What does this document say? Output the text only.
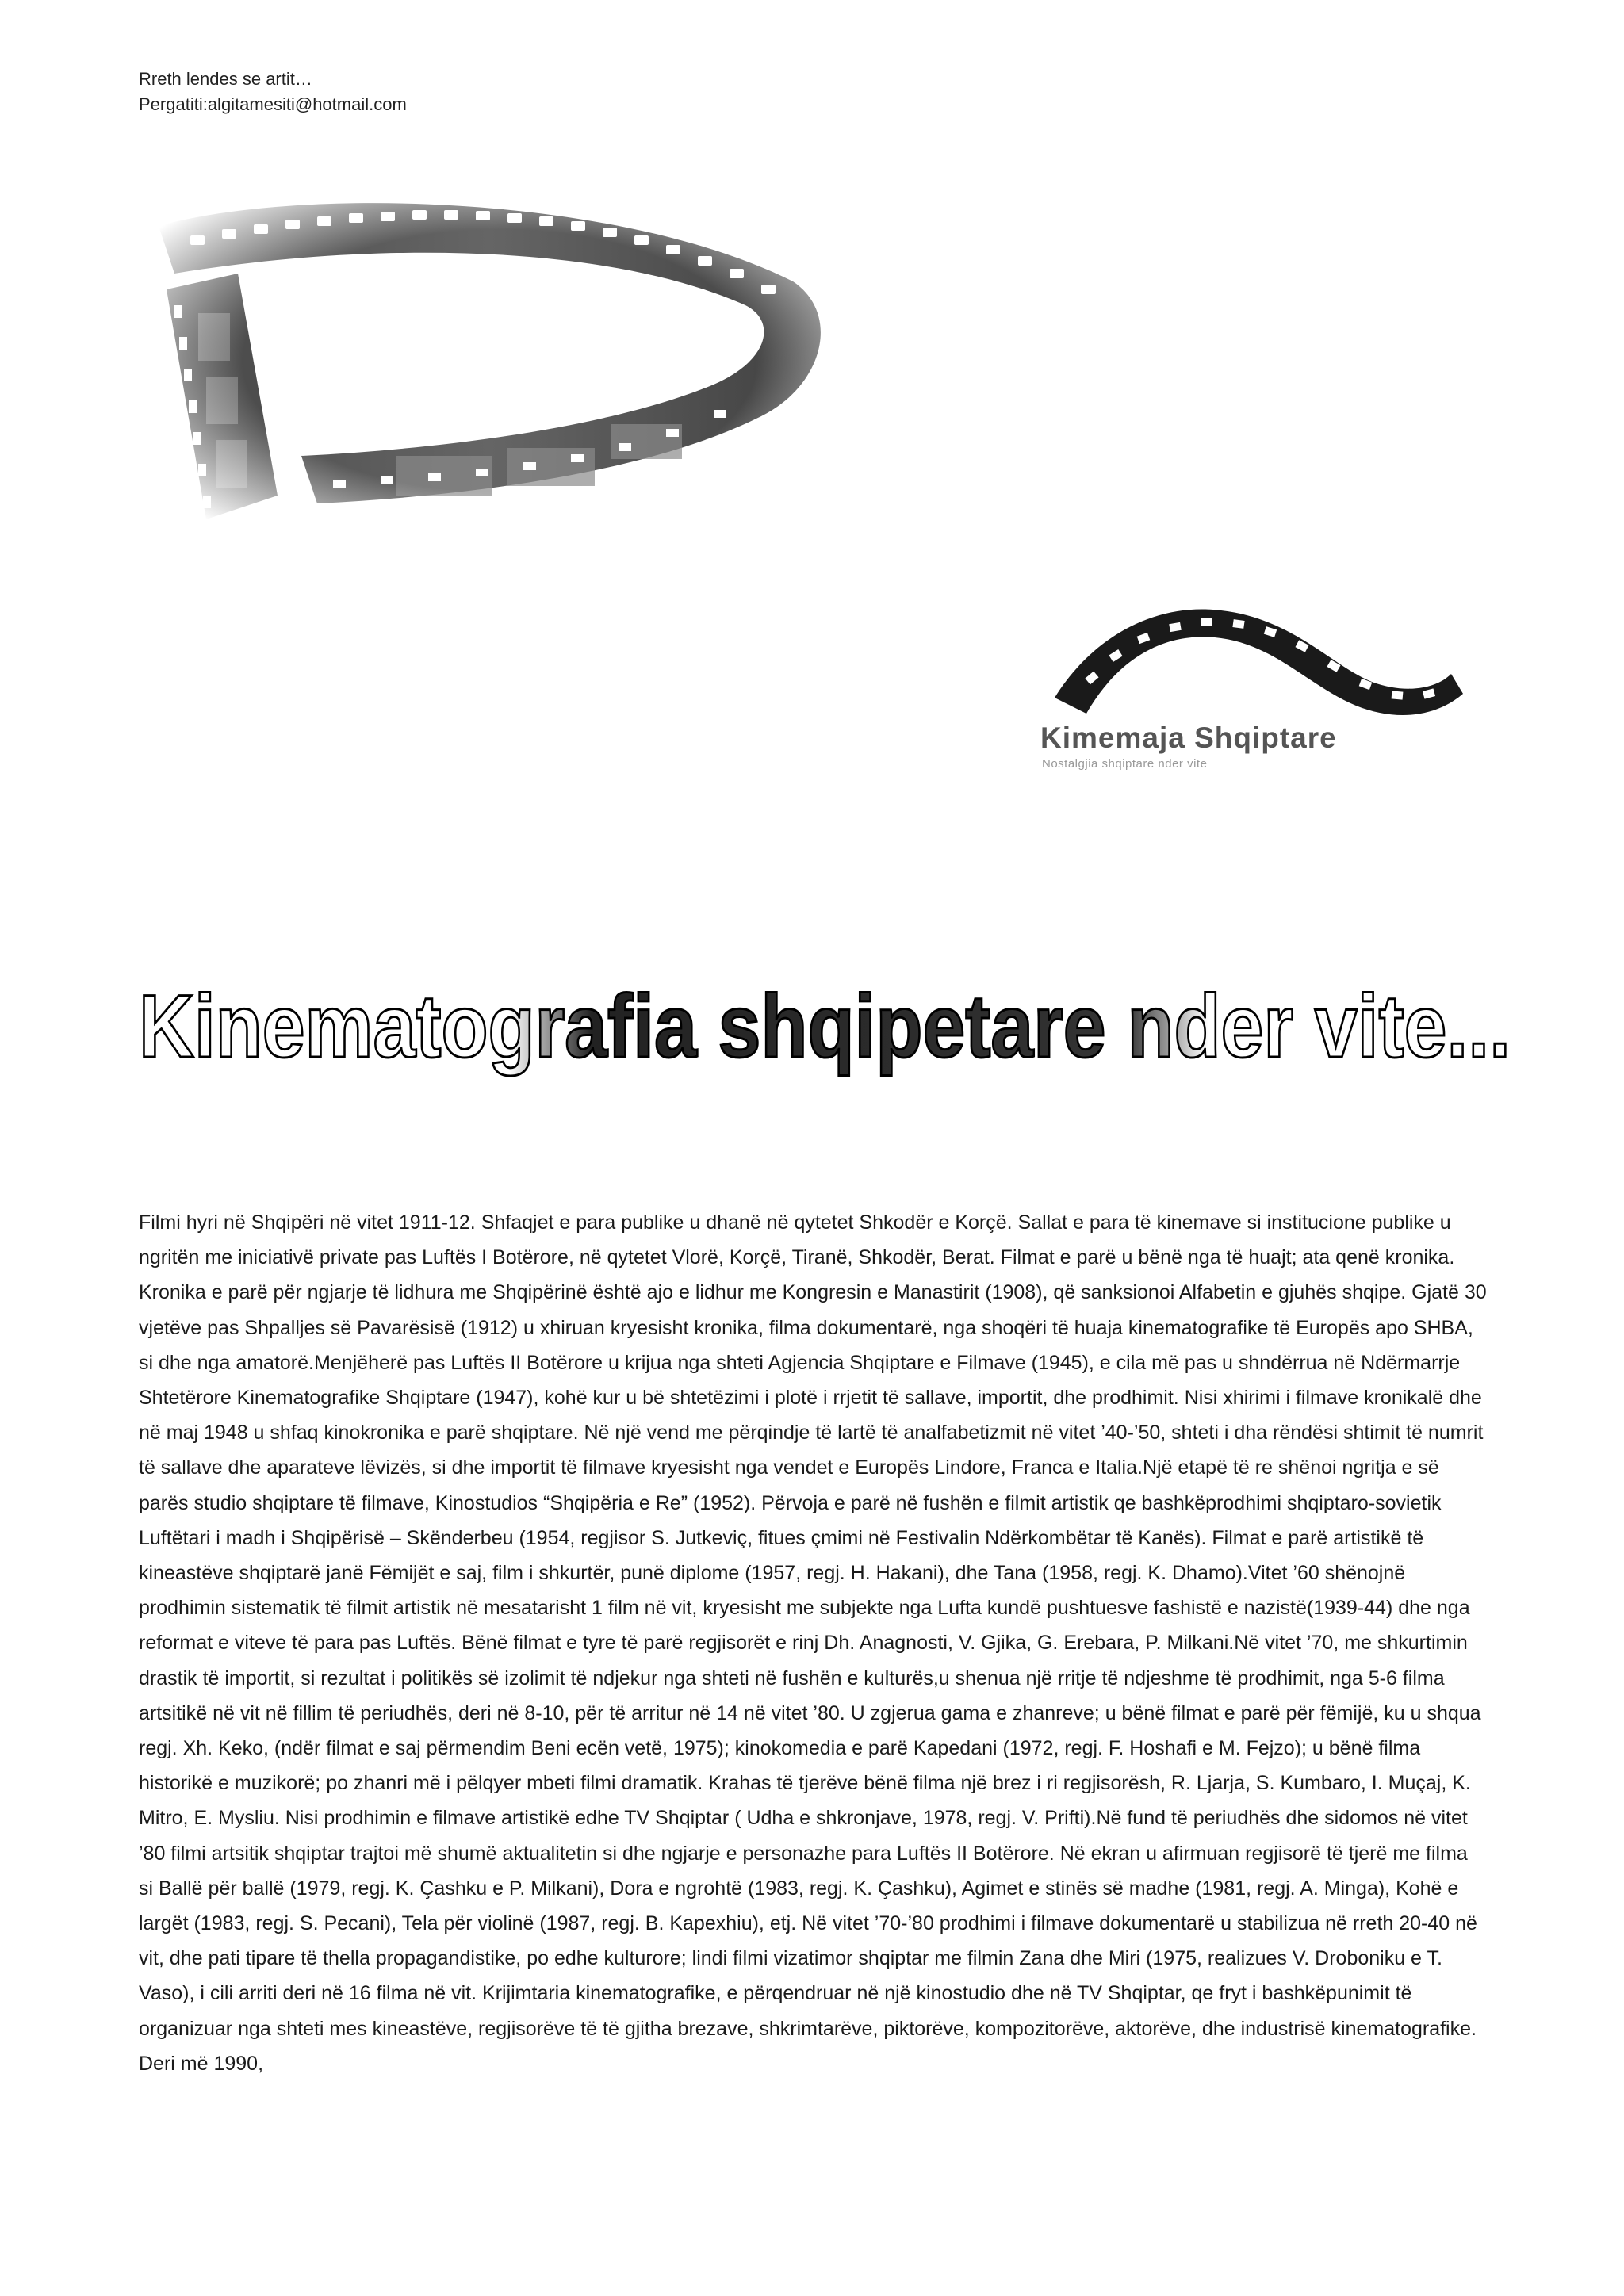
Rreth lendes se artit…
Pergatiti:algitamesiti@hotmail.com
Kimemaja Shqiptare
Nostalgjia shqiptare nder vite
Kinematografia shqipetare nder vite...

Filmi hyri në Shqipëri në vitet 1911-12. Shfaqjet e para publike u dhanë në qytetet Shkodër e Korçë. Sallat e para të kinemave si institucione publike u ngritën me iniciativë private pas Luftës I Botërore, në qytetet Vlorë, Korçë, Tiranë, Shkodër, Berat. Filmat e parë u bënë nga të huajt; ata qenë kronika. Kronika e parë për ngjarje të lidhura me Shqipërinë është ajo e lidhur me Kongresin e Manastirit (1908), që sanksionoi Alfabetin e gjuhës shqipe. Gjatë 30 vjetëve pas Shpalljes së Pavarësisë (1912) u xhiruan kryesisht kronika, filma dokumentarë, nga shoqëri të huaja kinematografike të Europës apo SHBA, si dhe nga amatorë.Menjëherë pas Luftës II Botërore u krijua nga shteti Agjencia Shqiptare e Filmave (1945), e cila më pas u shndërrua në Ndërmarrje Shtetërore Kinematografike Shqiptare (1947), kohë kur u bë shtetëzimi i plotë i rrjetit të sallave, importit, dhe prodhimit. Nisi xhirimi i filmave kronikalë dhe në maj 1948 u shfaq kinokronika e parë shqiptare. Në një vend me përqindje të lartë të analfabetizmit në vitet ’40-’50, shteti i dha rëndësi shtimit të numrit të sallave dhe aparateve lëvizës, si dhe importit të filmave kryesisht nga vendet e Europës Lindore, Franca e Italia.Një etapë të re shënoi ngritja e së parës studio shqiptare të filmave, Kinostudios “Shqipëria e Re” (1952). Përvoja e parë në fushën e filmit artistik qe bashkëprodhimi shqiptaro-sovietik Luftëtari i madh i Shqipërisë – Skënderbeu (1954, regjisor S. Jutkeviç, fitues çmimi në Festivalin Ndërkombëtar të Kanës). Filmat e parë artistikë të kineastëve shqiptarë janë Fëmijët e saj, film i shkurtër, punë diplome (1957, regj. H. Hakani), dhe Tana (1958, regj. K. Dhamo).Vitet ’60 shënojnë prodhimin sistematik të filmit artistik në mesatarisht 1 film në vit, kryesisht me subjekte nga Lufta kundë pushtuesve fashistë e nazistë(1939-44) dhe nga reformat e viteve të para pas Luftës. Bënë filmat e tyre të parë regjisorët e rinj Dh. Anagnosti, V. Gjika, G. Erebara, P. Milkani.Në vitet ’70, me shkurtimin drastik të importit, si rezultat i politikës së izolimit të ndjekur nga shteti në fushën e kulturës,u shenua një rritje të ndjeshme të prodhimit, nga 5-6 filma artsitikë në vit në fillim të periudhës, deri në 8-10, për të arritur në 14 në vitet ’80. U zgjerua gama e zhanreve; u bënë filmat e parë për fëmijë, ku u shqua regj. Xh. Keko, (ndër filmat e saj përmendim Beni ecën vetë, 1975); kinokomedia e parë Kapedani (1972, regj. F. Hoshafi e M. Fejzo); u bënë filma historikë e muzikorë; po zhanri më i pëlqyer mbeti filmi dramatik. Krahas të tjerëve bënë filma një brez i ri regjisorësh, R. Ljarja, S. Kumbaro, I. Muçaj, K. Mitro, E. Mysliu. Nisi prodhimin e filmave artistikë edhe TV Shqiptar ( Udha e shkronjave, 1978, regj. V. Prifti).Në fund të periudhës dhe sidomos në vitet ’80 filmi artsitik shqiptar trajtoi më shumë aktualitetin si dhe ngjarje e personazhe para Luftës II Botërore. Në ekran u afirmuan regjisorë të tjerë me filma si Ballë për ballë (1979, regj. K. Çashku e P. Milkani), Dora e ngrohtë (1983, regj. K. Çashku), Agimet e stinës së madhe (1981, regj. A. Minga), Kohë e largët (1983, regj. S. Pecani), Tela për violinë (1987, regj. B. Kapexhiu), etj. Në vitet ’70-’80 prodhimi i filmave dokumentarë u stabilizua në rreth 20-40 në vit, dhe pati tipare të thella propagandistike, po edhe kulturore; lindi filmi vizatimor shqiptar me filmin Zana dhe Miri (1975, realizues V. Droboniku e T. Vaso), i cili arriti deri në 16 filma në vit. Krijimtaria kinematografike, e përqendruar në një kinostudio dhe në TV Shqiptar, qe fryt i bashkëpunimit të organizuar nga shteti mes kineastëve, regjisorëve të të gjitha brezave, shkrimtarëve, piktorëve, kompozitorëve, aktorëve, dhe industrisë kinematografike. Deri më 1990,
